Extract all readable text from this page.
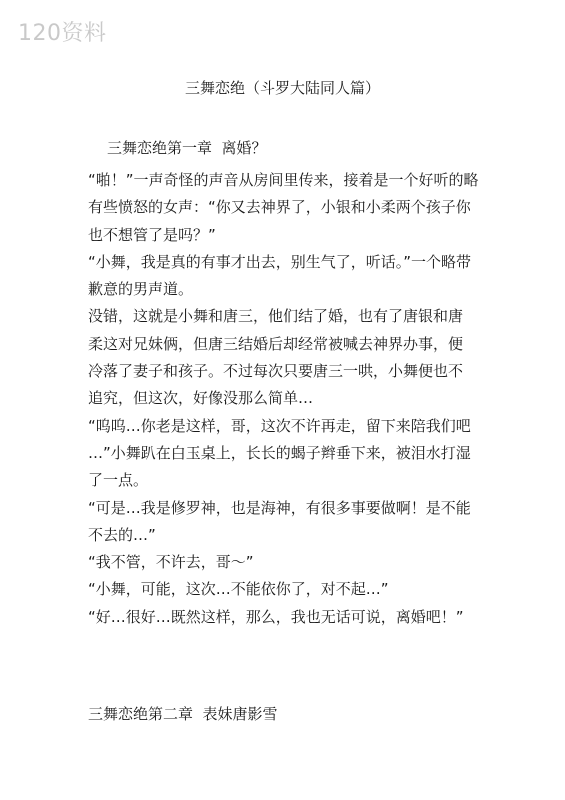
120资料
三舞恋绝（斗罗大陆同人篇）
三舞恋绝第一章  离婚？
“啪！”一声奇怪的声音从房间里传来，接着是一个好听的略
有些愤怒的女声：“你又去神界了，小银和小柔两个孩子你
也不想管了是吗？”
“小舞，我是真的有事才出去，别生气了，听话。”一个略带
歉意的男声道。
没错，这就是小舞和唐三，他们结了婚，也有了唐银和唐
柔这对兄妹俩，但唐三结婚后却经常被喊去神界办事，便
冷落了妻子和孩子。不过每次只要唐三一哄，小舞便也不
追究，但这次，好像没那么简单…
“呜呜…你老是这样，哥，这次不许再走，留下来陪我们吧
…”小舞趴在白玉桌上，长长的蝎子辫垂下来，被泪水打湿
了一点。
“可是…我是修罗神，也是海神，有很多事要做啊！是不能
不去的…”
“我不管，不许去，哥～”
“小舞，可能，这次…不能依你了，对不起…”
“好…很好…既然这样，那么，我也无话可说，离婚吧！”
三舞恋绝第二章  表妹唐影雪
